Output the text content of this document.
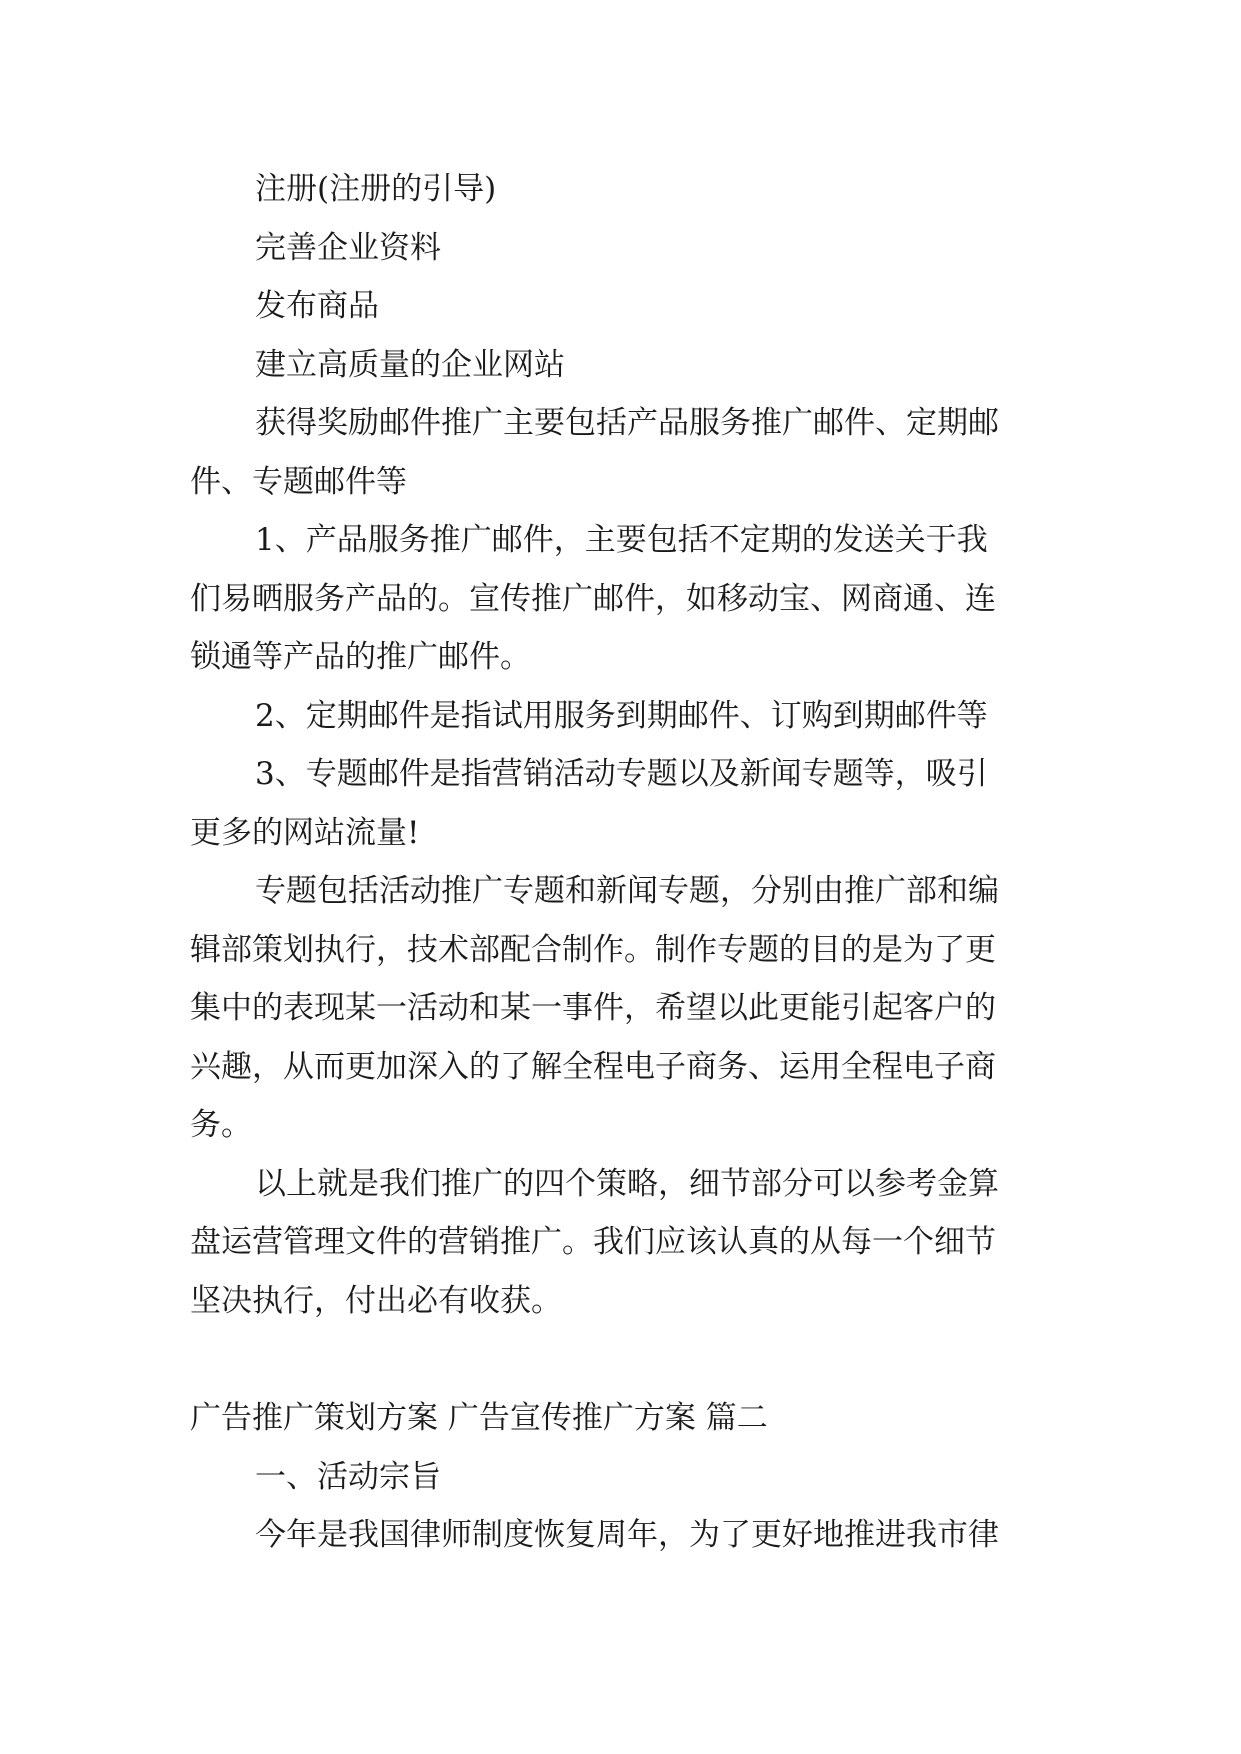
注册(注册的引导)

完善企业资料

发布商品

建立高质量的企业网站

获得奖励邮件推广主要包括产品服务推广邮件、定期邮

件、专题邮件等

1、产品服务推广邮件，主要包括不定期的发送关于我

们易晒服务产品的。宣传推广邮件，如移动宝、网商通、连

锁通等产品的推广邮件。

2、定期邮件是指试用服务到期邮件、订购到期邮件等

3、专题邮件是指营销活动专题以及新闻专题等，吸引

更多的网站流量!

专题包括活动推广专题和新闻专题，分别由推广部和编

辑部策划执行，技术部配合制作。制作专题的目的是为了更

集中的表现某一活动和某一事件，希望以此更能引起客户的

兴趣，从而更加深入的了解全程电子商务、运用全程电子商

务。

以上就是我们推广的四个策略，细节部分可以参考金算

盘运营管理文件的营销推广。我们应该认真的从每一个细节

坚决执行，付出必有收获。

广告推广策划方案 广告宣传推广方案 篇二

一、活动宗旨

今年是我国律师制度恢复周年，为了更好地推进我市律
